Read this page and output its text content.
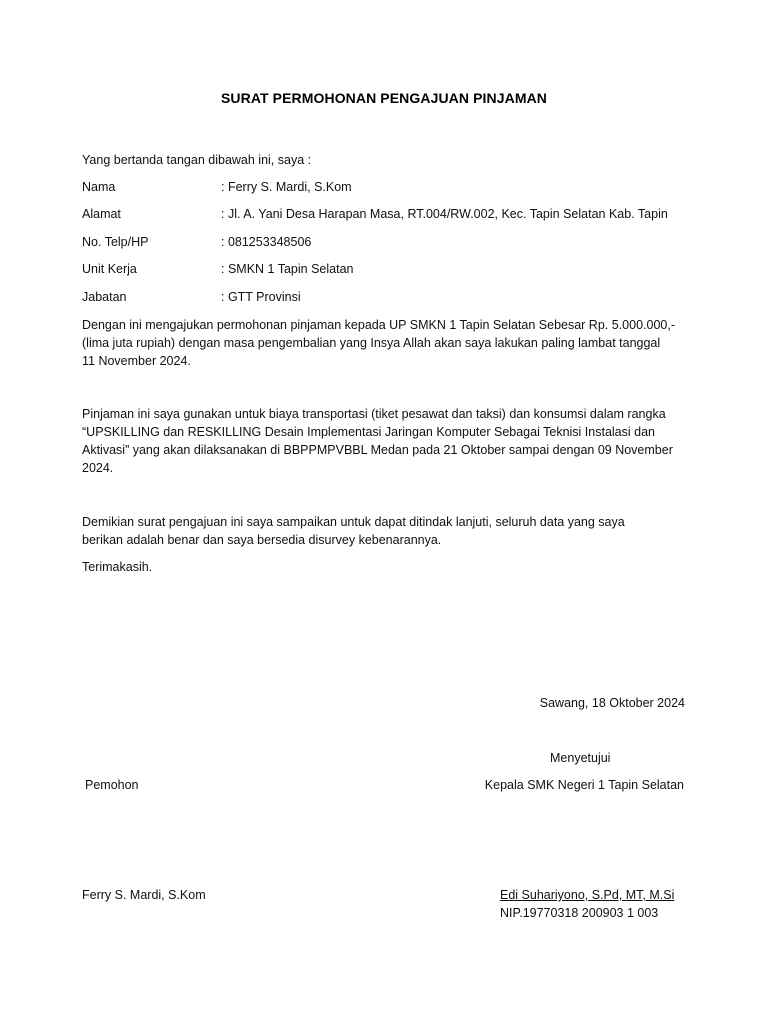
SURAT PERMOHONAN PENGAJUAN PINJAMAN
Yang bertanda tangan dibawah ini, saya :
Nama	: Ferry S. Mardi, S.Kom
Alamat	: Jl. A. Yani Desa Harapan Masa, RT.004/RW.002, Kec. Tapin Selatan Kab. Tapin
No. Telp/HP	: 081253348506
Unit Kerja	: SMKN 1 Tapin Selatan
Jabatan	: GTT Provinsi
Dengan ini mengajukan permohonan pinjaman kepada UP SMKN 1 Tapin Selatan Sebesar Rp. 5.000.000,-
(lima juta rupiah) dengan masa pengembalian yang Insya Allah akan saya lakukan paling lambat tanggal
11 November 2024.
Pinjaman ini saya gunakan untuk biaya transportasi (tiket pesawat dan taksi) dan konsumsi dalam rangka
“UPSKILLING dan RESKILLING Desain Implementasi Jaringan Komputer Sebagai Teknisi Instalasi dan
Aktivasi” yang akan dilaksanakan di BBPPMPVBBL Medan pada 21 Oktober sampai dengan 09 November
2024.
Demikian surat pengajuan ini saya sampaikan untuk dapat ditindak lanjuti, seluruh data yang saya
berikan adalah benar dan saya bersedia disurvey kebenarannya.
Terimakasih.
Sawang, 18 Oktober 2024
Menyetujui
Pemohon	Kepala SMK Negeri 1 Tapin Selatan
Ferry S. Mardi, S.Kom	Edi Suhariyono, S.Pd, MT, M.Si
NIP.19770318 200903 1 003
